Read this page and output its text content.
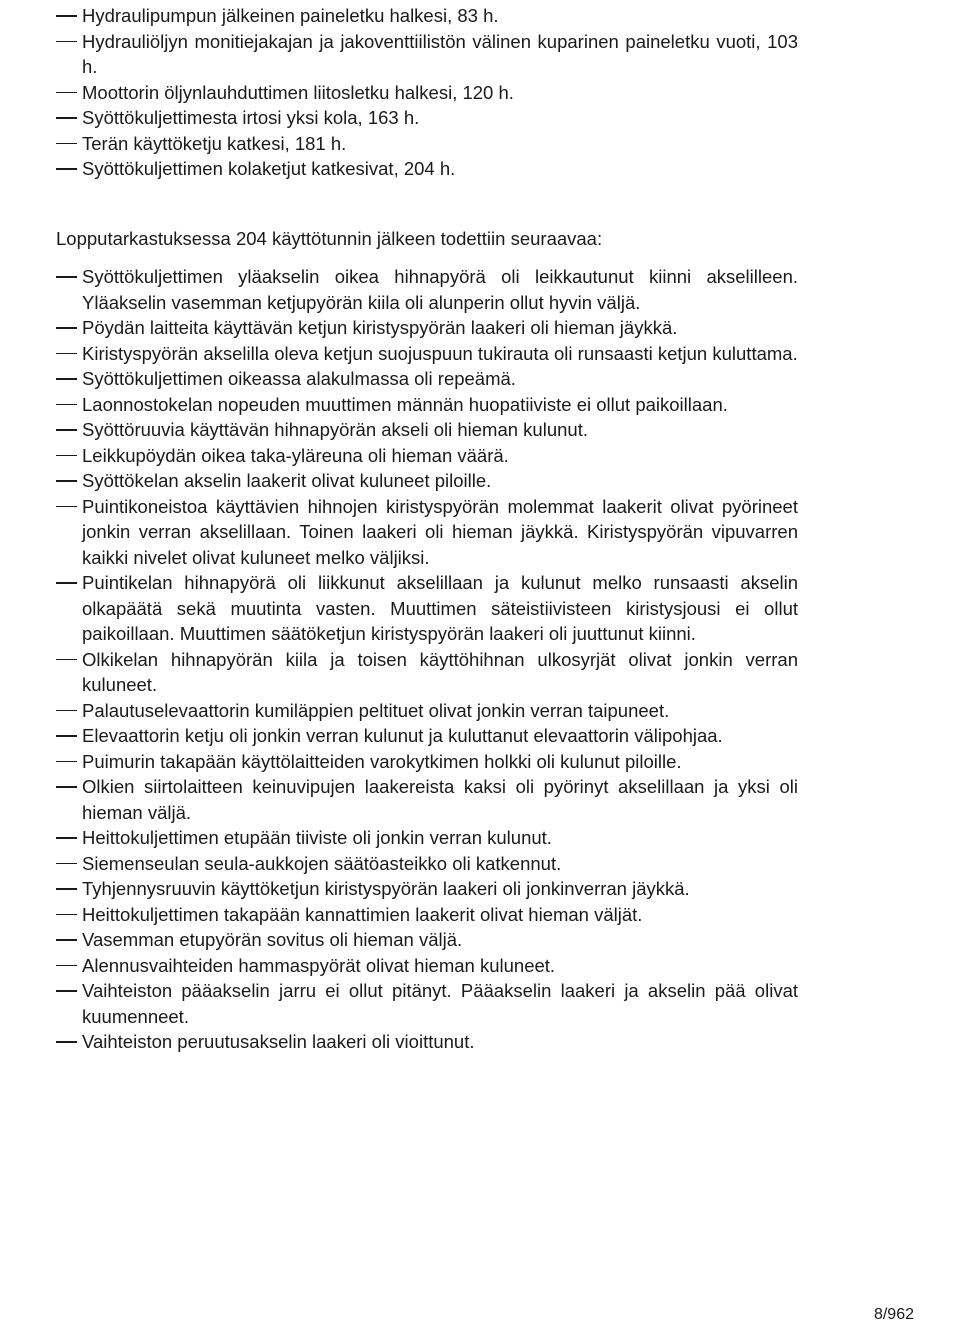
Hydraulipumpun jälkeinen paineletku halkesi, 83 h.
Hydrauliöljyn monitiejakajan ja jakoventtiilistön välinen kuparinen paineletku vuoti, 103 h.
Moottorin öljynlauhduttimen liitosletku halkesi, 120 h.
Syöttökuljettimesta irtosi yksi kola, 163 h.
Terän käyttöketju katkesi, 181 h.
Syöttökuljettimen kolaketjut katkesivat, 204 h.

Lopputarkastuksessa 204 käyttötunnin jälkeen todettiin seuraavaa:

Syöttökuljettimen yläakselin oikea hihnapyörä oli leikkautunut kiinni akselilleen. Yläakselin vasemman ketjupyörän kiila oli alunperin ollut hyvin väljä.
Pöydän laitteita käyttävän ketjun kiristyspyörän laakeri oli hieman jäykkä.
Kiristyspyörän akselilla oleva ketjun suojuspuun tukirauta oli runsaasti ketjun kuluttama.
Syöttökuljettimen oikeassa alakulmassa oli repeämä.
Laonnostokelan nopeuden muuttimen männän huopatiiviste ei ollut paikoillaan.
Syöttöruuvia käyttävän hihnapyörän akseli oli hieman kulunut.
Leikkupöydän oikea taka-yläreuna oli hieman väärä.
Syöttökelan akselin laakerit olivat kuluneet piloille.
Puintikoneistoa käyttävien hihnojen kiristyspyörän molemmat laakerit olivat pyörineet jonkin verran akselillaan. Toinen laakeri oli hieman jäykkä. Kiristyspyörän vipuvarren kaikki nivelet olivat kuluneet melko väljiksi.
Puintikelan hihnapyörä oli liikkunut akselillaan ja kulunut melko runsaasti akselin olkapäätä sekä muutinta vasten. Muuttimen säteistiivisteen kiristysjousi ei ollut paikoillaan. Muuttimen säätöketjun kiristyspyörän laakeri oli juuttunut kiinni.
Olkikelan hihnapyörän kiila ja toisen käyttöhihnan ulkosyrjät olivat jonkin verran kuluneet.
Palautuselevaattorin kumiläppien peltituet olivat jonkin verran taipuneet.
Elevaattorin ketju oli jonkin verran kulunut ja kuluttanut elevaattorin välipohjaa.
Puimurin takapään käyttölaitteiden varokytkimen holkki oli kulunut piloille.
Olkien siirtolaitteen keinuvipujen laakereista kaksi oli pyörinyt akselillaan ja yksi oli hieman väljä.
Heittokuljettimen etupään tiiviste oli jonkin verran kulunut.
Siemenseulan seula-aukkojen säätöasteikko oli katkennut.
Tyhjennysruuvin käyttöketjun kiristyspyörän laakeri oli jonkinverran jäykkä.
Heittokuljettimen takapään kannattimien laakerit olivat hieman väljät.
Vasemman etupyörän sovitus oli hieman väljä.
Alennusvaihteiden hammaspyörät olivat hieman kuluneet.
Vaihteiston pääakselin jarru ei ollut pitänyt. Pääakselin laakeri ja akselin pää olivat kuumenneet.
Vaihteiston peruutusakselin laakeri oli vioittunut.

8/962
